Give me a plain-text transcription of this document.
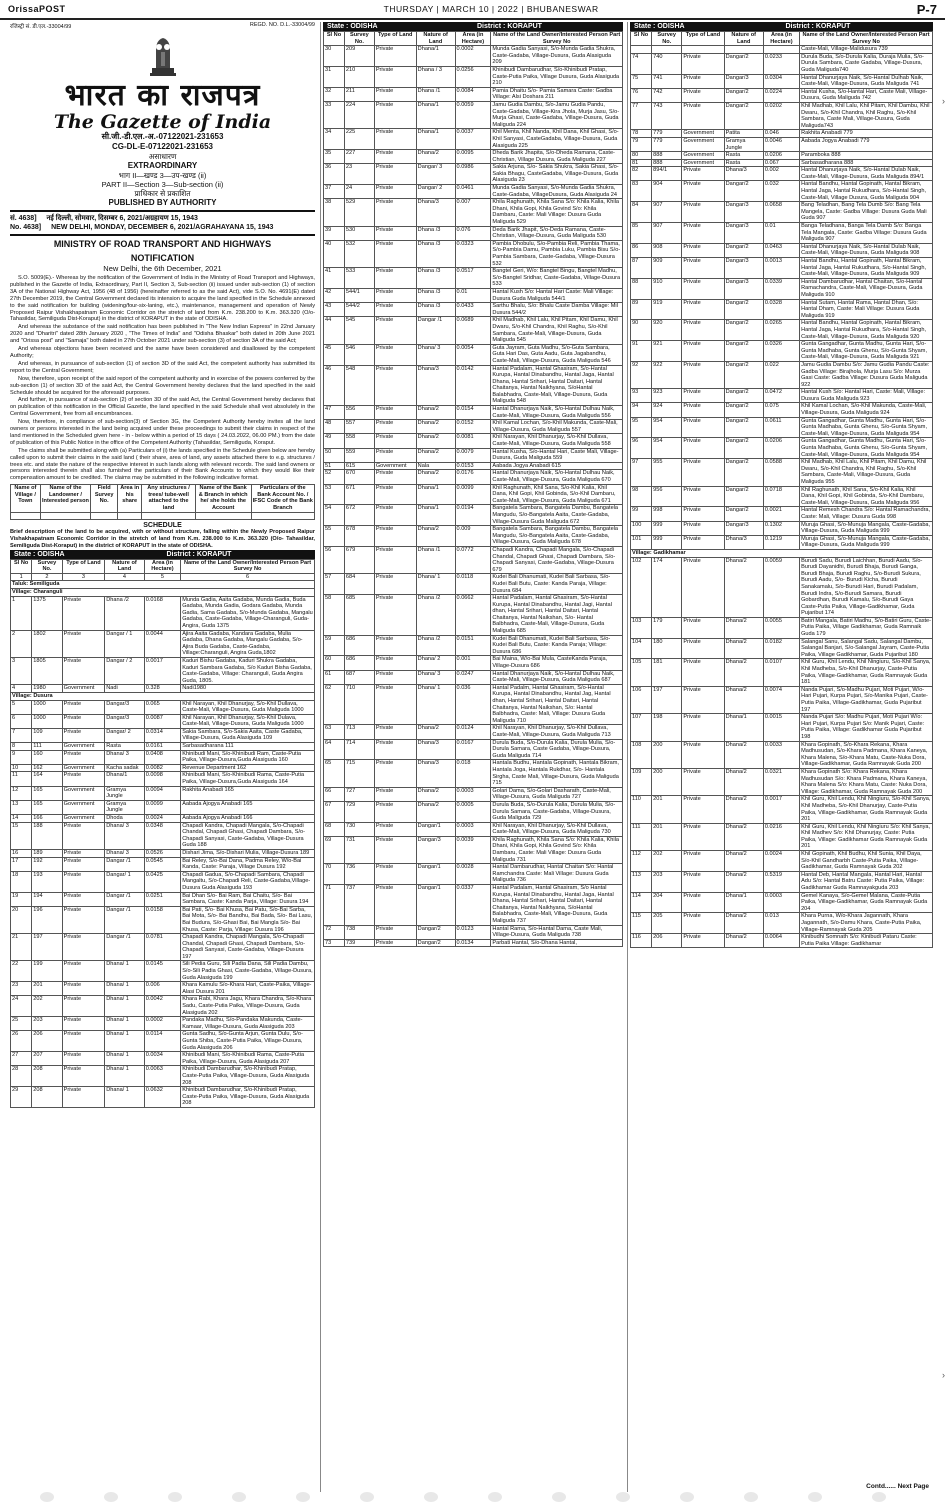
OrissaPOST	THURSDAY | MARCH 10 | 2022 | BHUBANESWAR	P-7
रजिस्ट्री सं. डी.एल.-33004/99	REGD. NO. D.L.-33004/99
भारत का राजपत्र
The Gazette of India
सी.जी.-डी.एल.-अ.-07122021-231653
CG-DL-E-07122021-231653
असाधारण
EXTRAORDINARY
भाग II—खण्ड 3—उप-खण्ड (ii)
PART II—Section 3—Sub-section (ii)
प्राधिकार से प्रकाशित
PUBLISHED BY AUTHORITY
सं. 4638] नई दिल्ली, सोमवार, दिसम्बर 6, 2021/अग्रहायण 15, 1943
No. 4638] NEW DELHI, MONDAY, DECEMBER 6, 2021/AGRAHAYANA 15, 1943
MINISTRY OF ROAD TRANSPORT AND HIGHWAYS
NOTIFICATION
New Delhi, the 6th December, 2021

S.O. 5009(E).- Whereas by the notification of the Government of India in the Ministry of Road Transport and Highways, published in the Gazette of India, Extraordinary, Part II, Section 3, Sub-section (ii) issued under sub-section (1) of section 3A of the National Highway Act, 1956 (48 of 1956) (hereinafter referred to as the said Act), vide S.O. No. 4691(E) dated 27th December 2019, the Central Government declared its intension to acquire the land specified in the Schedule annexed to the said notification for building (widening/four-six-laning, etc.), maintenance, management and operation of Newly Proposed Raipur Vishakhapatnam Economic Corridor on the stretch of land from K.m. 238.200 to K.m. 363.320 (O/o- Tahasildar, Semiliguda Dist-Koraput) in the district of KORAPUT in the state of ODISHA.

And whereas the substance of the said notification has been published in "The New Indian Express" in 22nd January 2020 and "Dharitri" dated 28th January 2020 , "The Times of India" and "Odisha Bhaskar" both dated in 20th June 2021 and "Orissa post" and "Samaja" both dated in 27th October 2021 under sub-section (3) of section 3A of the said Act;

And whereas objections have been received and the same have been considered and disallowed by the competent Authority;

And whereas, in pursuance of sub-section (1) of section 3D of the said Act, the competent authority has submitted its report to the Central Government;

Now, therefore, upon receipt of the said report of the competent authority and in exercise of the powers conferred by the sub-section (1) of section 3D of the said Act, the Central Government hereby declares that the land specified in the said Schedule should be acquired for the aforesaid purposes.

And further, in pursuance of sub-section (2) of section 3D of the said Act, the Central Government hereby declares that on publication of this notification in the Official Gazette, the land specified in the said Schedule shall vest absolutely in the Central Government, free from all encumbrances.

Now, therefore, in compliance of sub-section(3) of Section 3G, the Competent Authority hereby invites all the land owners or persons interested in the land being acquired under these proceedings to submit their claims in respect of the land mentioned in the Scheduled given here - in - below within a period of 15 days ( 24.03.2022, 06.00 PM.) from the date of publication of this Public Notice in the office of the Competent Authority (Tahasildar, Semiliguda, Koraput.

The claims shall be submitted along with (a) Particulars of (i) the lands specified in the Schedule given below are hereby called upon to submit their claims in the said land ( their share, area of land, any assets attached there to e.g. structures / trees etc. and state the nature of the respective interest in such lands along with relevant records. The said land owners or persons interested therein shall also furnished the particulars of their Bank Accounts to which they would like their compensation amount to be credited. The claims may be submitted in the following indicative format.

Name of Village / Town	Name of the Landowner / Interested person	Field Survey No.	Area in his share	Any structures / trees/ tube-well attached to the land	Name of the Bank & Branch in which he/ she holds the Account	Particulars of the Bank Account No. / IFSC Code of the Bank Branch

SCHEDULE
Brief description of the land to be acquired, with or without structure, falling within the Newly Proposed Raipur Vishakhapatnam Economic Corridor in the stretch of land from K.m. 238.000 to K.m. 363.320 (O/o- Tahasildar, Semiliguda Dist-Koraput) in the district of KORAPUT in the state of ODISHA.
State : ODISHA	District : KORAPUT
Sl No	Survey No.	Type of Land	Nature of Land	Area (in Hectare)	Name of the Land Owner/Interested Person Part Survey No
1	2	3	4	5	6
Taluk: Semiliguda					
Village: Charanguli					
1	1375	Private	Dhana /2	0.0168	Munda Gadia, Aaita Gadaba, Munda Gadia, Buda Gadaba, Munda Gadia, Godara Gadaba, Munda Gadia, Sama Gadaba, S/o-Munda Gadaba, Mangalu Gadaba, Caste-Gadaba, Village-Charanguli, Guda- Angira, Guda 1375
2	1802	Private	Dangar / 1	0.0044	Ajira Aaita Gadaba, Kandara Gadaba, Mulia Gadaba, Dhana Gadaba, Mangalu Gadaba, S/o-Ajira Buda Gadaba, Caste-Gadaba, Village:Charanguli, Angira Guda,1802
3	1805	Private	Dangar / 2	0.0017	Kaduri Bishu Gadaba, Kaduri Shukra Gadaba, Kaduri Sambara Gadaba, S/o Kaduri Bisha Gadaba, Caste-Gadaba, Village: Charanguli, Guda Angira Guda, 1805.
4	1980	Government	Nadi	0.328	Nadi1980
Village: Dusura					
5	1000	Private	Dangar/3	0.065	Khil Narayan, Khil Dhanurjay, S/o-Khil Dullava, Caste-Mali, Village-Dusura, Guda Maliguda 1000
6	1000	Private	Dangar/3	0.0087	Khil Narayan, Khil Dhanurjay, S/o-Khil Dulava, Caste-Mali, Village-Dusura, Guda Maliguda 1000
7	109	Private	Dangar/ 2	0.0314	Sakia Sambara, S/o-Sakia Aaita, Caste Gadaba, Village-Dusura, Guda Alasiguda 109
8	111	Government	Rasta	0.0161	Sarbasadharana 111
9	160	Private	Dhana/ 3	0.0408	Khinibudi Mani, S/o-Khinibudi Ram, Caste-Putia Paika, Village-Dusura,Guda Alasiguda 160
10	162	Government	Kacha sadak	0.0082	Revenue Department 162
11	164	Private	Dhana/1	0.0098	Khinibudi Mani, S/o-Khinibudi Rama, Caste-Putia Paika, Village-Dusura,Guda Alasiguda 164
12	165	Government	Gramya Jungle	0.0094	Rakhita Anabadi 165
13	165	Government	Gramya Jungle	0.0099	Aabada Ajogya Anabadi 165
14	166	Government	Dhoda	0.0024	Aabada Ajogya Anabadi 166
15	188	Private	Dhana/ 3	0.0348	Chapadi Kandra, Chapadi Mangala, S/o-Chapadi Chandal, Chapadi Ghasi, Chapadi Dambara, S/o-Chapadi Sanyasi, Caste-Gadaba, Village-Dusura Guda 188
16	189	Private	Dhana/ 3	0.0526	Dishari Jima, S/o-Dishari Mulia, Village-Dusura 189
17	192	Private	Dangar /1	0.0545	Bai Reley, S/o-Bai Dana, Padma Reley, W/o-Bai Kanda, Caste: Paraja, Village Dusura 192
18	193	Private	Dangar/ 1	0.0425	Chapadi Gadua, S/o-Chapadi Sambara, Chapadi Mangaltu, S/o-Chapadi Reli, Caste-Gadaba,Village-Dusura Guda Alasiguda 193
19	194	Private	Dangar /1	0.0251	Bai Dhan S/o- Bai Ram, Bai Chaitu, S/o- Bai Sambara, Caste: Kanda Parja, Village: Dusura 194
20	196	Private	Dangar /1	0.0158	Bai Pati, S/o- Bai Khusa, Bai Patu, S/o-Bai Sarba, Bai Mota, S/o- Bai Bandhu, Bai Bada, S/o- Bai Lasu, Bai Budura, S/o-Ghasi Bai, Bai Mangla S/o- Bai Khusa, Caste: Parja, Village: Dusura 196
21	197	Private	Dangar /1	0.0781	Chapadi Kandra, Chapadi Mangala, S/o-Chapadi Chandal, Chapadi Ghasi, Chapadi Dambara, S/o-Chapadi Sanyasi, Caste-Gadaba, Village-Dusura 197
22	199	Private	Dhana/ 1	0.0145	Sili Pedia Guru, Sili Padia Dana, Sili Padia Dambu, S/o-Sili Padia Ghasi, Caste-Gadaba, Village-Dusura, Guda Alasiguda 199
23	201	Private	Dhana/ 1	0.006	Khara Kamulu S/o-Khara Hari, Caste-Paika, Village-Alasi Dusura 201
24	202	Private	Dhana/ 1	0.0042	Khara Rabi, Khara Jagu, Khara Chandra, S/o-Khara Sadu, Caste-Putia Paika, Village-Dusura, Guda Alasiguda 202
25	203	Private	Dhana/ 1	0.0002	Pandaka Madhu, S/o-Pandaka Makunda, Caste-Kamaar, Village-Dusura, Guda Alasiguda 203
26	206	Private	Dhana/ 1	0.0114	Gunta Sadhu, S/o-Gunta Arjun, Gunta Dulu, S/o-Gunta Shiba, Caste-Putia Paika, Village-Dusura, Guda Alasiguda 206
27	207	Private	Dhana/ 1	0.0034	Khinibudi Mani, S/o-Khinibudi Rama, Caste-Putia Paika, Village-Dusura, Guda Alasiguda 207
28	208	Private	Dhana/ 1	0.0063	Khinibudi Dambarudhar, S/o-Khinibudi Pratap, Caste-Putia Paika, Village-Dusura, Guda Alasiguda 208
29	208	Private	Dhana/ 1	0.0632	Khinibudi Dambarudhar, S/o-Khinibudi Pratap, Caste-Putia Paika, Village-Dusura, Guda Alasiguda 208
State : ODISHA	District : KORAPUT
Sl No	Survey No.	Type of Land	Nature of Land	Area (in Hectare)	Name of the Land Owner/Interested Person Part Survey No
30	209	Private	Dhana/1	0.0002	Munda Gadia Sanyasi, S/o-Munda Gadia Shukra, Caste-Gadaba, Village-Dusura, Guda Alasiguda 209
31	210	Private	Dhana / 3	0.0256	Khinibudi Dambarudhar, S/o-Khinibudi Pratap, Caste-Putia Paika, Village Dusura, Guda Alasiguda 210
32	211	Private	Dhana /1	0.0084	Pamia Dhaitu S/o- Pamia Samara Caste: Gadba Village: Alsi Doshara 211
33	224	Private	Dhana/1	0.0059	Jamu Gudia Dambu, S/o-Jamu Gudia Pandu, Caste-Gadaba, Village-Kira Jhola, Murja Jasu, S/o-Murja Ghasi, Caste-Gadaba, Village-Dusura, Guda Maliguda 224
34	225	Private	Dhana/1	0.0037	Khil Menta, Khil Nanda, Khil Dana, Khil Ghasi, S/o-Khil Sanyasi, CasteGadaba, Village-Dusura, Guda Alasiguda 225
35	227	Private	Dhana/2	0.0095	Dheda Barik Jhapita, S/o-Dheda Ramana, Caste-Christian, Village Dusura, Guda Maliguda 227
36	23	Private	Dangar/ 3	0.0986	Sakia Arjuna, S/o- Sakia Shukra, Sakia Ghasi, S/o- Sakia Bhagu, CasteGadaba, Village-Dusura, Guda Alasiguda 23
37	24	Private	Dangar/ 2	0.0461	Munda Gadia Sanyasi, S/o-Munda Gadia Shukra, Caste-Gadaba, VillageDusura, Guda Alasiguda 24
38	529	Private	Dhana/3	0.007	Khila Raghunath, Khila Sana S/o: Khila Kalia, Khila Dhani, Khila Gopi, Khila Govind S/o: Khila Dambaru, Caste: Mali Village: Dusura Guda Maliguda 529
39	530	Private	Dhana /3	0.076	Deda Barik Jhapit, S/o-Deda Ramana, Caste-Christian, Village-Dusura, Guda Maliguda 530
40	532	Private	Dhana /3	0.0323	Pambia Dhobulu, S/o-Pambia Reli, Pambia Thama, S/o-Pambia Damu, Pambia Luku, Pambia Bisu S/o-Pambia Sambara, Caste-Gadaba, Village-Dusura 532
41	533	Private	Dhana /3	0.0517	Bangtel Geri, W/o: Bangtel Bingu, Bangtel Madhu, S/o-Bangtel Sridhar, Caste-Gadaba, Village-Dusura 533
42	544/1	Private	Dhana /3	0.01	Hantal Kush S/o: Hantal Hari Caste: Mali Village: Dusura Guda Maliguda 544/1
43	544/2	Private	Dhana /3	0.0433	Sarthu Bhalu, S/o: Bhalu Caste Damba Village: Mil Dusura 544/2
44	545	Private	Dangar /1	0.0689	Khil Madhab, Khil Lalu, Khil Pitam, Khil Damu, Khil Dwaru, S/o-Khil Chandra, Khil Raghu, S/o-Khil Sambara, Caste-Mali, Village-Dusura, Guda Maliguda 545
45	546	Private	Dhana/ 3	0.0054	Guta Jayram, Guta Madhu, S/o-Guta Sambara, Guta Hari Das, Guta Aadu, Guta Jagabandhu, Caste-Mali, Village-Dusura, Guda Maliguda 546
46	548	Private	Dhana/3	0.0142	Hantal Padalam, Hantal Ghasiram, S/o-Hantal Kurupa, Hantal Dinabandhu, Hantal Jaga, Hantal Dhana, Hantal Srihari, Hantal Daitari, Hantal Chaitanya, Hantal Naikhyana, S/oHantal Balabhadra, Caste-Mali, Village-Dusura, Guda Maliguda 548
47	556	Private	Dhana/2	0.0154	Hantal Dhanurjaya Naik, S/o-Hantal Dulhau Naik, Caste-Mali, Village-Dusura, Guda Maliguda 556
48	557	Private	Dhana/2	0.0152	Khil Kamal Lochan, S/o-Khil Makunda, Caste-Mali, Village-Dusura, Guda Maliguda 557
49	558	Private	Dhana/2	0.0081	Khil Narayan, Khil Dhanurjay, S/o-Khil Dullava, Caste-Mali, Village-Dusura, Guda Maliguda 558
50	559	Private	Dhana/2	0.0079	Hantal Kusha, S/o-Hantal Hari, Caste Mali, Village-Dusura, Guda Maliguda 559
51	615	Government	Nala	0.0153	Aabada Jogya Anabadi 615
52	670	Private	Dhana/2	0.0176	Hantal Dhanurjaya Naik, S/o-Hantal Dulhau Naik, Caste-Mali, Village-Dusura, Guda Maliguda 670
53	671	Private	Dhana/1	0.0099	Khil Raghunath, Khil Sana, S/o-Khil Kalia, Khil Dana, Khil Gopi, Khil Gobinda, S/o-Khil Dambaru, Caste-Mali, Village-Dusura, Guda Maliguda 671
54	672	Private	Dhana/1	0.0194	Bangatela Sambara, Bangatela Dambu, Bangatela Mangudu, S/o-Bangatela Aaita, Caste-Gadaba, Village-Dusura Guda Maliguda 672
55	678	Private	Dhana/2	0.009	Bangatela Sambara, Bangatela Dambu, Bangatela Mangudu, S/o-Bangatela Aaita, Caste-Gadaba, Village-Dusura, Guda Maliguda 678
56	679	Private	Dhana /1	0.0772	Chapadi Kandra, Chapadi Mangala, S/o-Chapadi Chandal, Chapadi Ghasi, Chapadi Dambara, S/o-Chapadi Sanyasi, Caste-Gadaba, Village-Dusura 679
57	684	Private	Dhana/ 1	0.0118	Kudei Bali Dhanumati, Kudei Bali Sarbasa, S/o-Kudei Bali Butu, Caste: Kanda Paraja, Village: Dusura 684
58	685	Private	Dhana /2	0.0662	Hantal Padalam, Hantal Ghasiram, S/o-Hantal Kurupa, Hantal Dinabandhu, Hantal Jagi, Hantal dhan, Hantal Srihari, Hantal Daitari, Hantal Chaitanya, Hantal Naikshan, S/o- Hantal Balbhadra, Caste-Mali, Village-Dusura, Guda Maliguda 685
59	686	Private	Dhana /2	0.0151	Kudei Bali Dhanumati, Kudei Bali Sarbasa, S/o-Kudei Bali Butu, Caste: Kanda Paraja; Village: Dusura 686
60	686	Private	Dhana/ 2	0.001	Bai Maina, W/o-Bai Mula, CasteKanda Paraja, Village-Dusura 686
61	687	Private	Dhana/ 3	0.0247	Hantal Dhanurjaya Naik, S/o-Hantal Dulhau Naik, Caste-Mali, Village-Dusura, Guda Maliguda 687
62	710	Private	Dhana/ 1	0.036	Hantal Padalm, Hantal Ghasiram, S/o-Hantal Kurupa, Hantal Dinabandhu, Hantal Jag, Hantal dhan, Hantal Srihari, Hantal Daitari, Hantal Chaitanya, Hantal Naikshan, S/o: Hantal Balbhadra, Caste: Mali, Village: Dusura Guda Maliguda 710
63	713	Private	Dhana/2	0.0124	Khil Narayan, Khil Dhanurjay, S/o-Khil Dullava, Caste-Mali, Village-Dusura, Guda Maliguda 713
64	714	Private	Dhana/3	0.0167	Durula Buda, S/o-Durula Kalia, Durula Mulia, S/o-Durula Samara, Caste Gadaba, Village-Dusura, Guda Maliguda 714
65	715	Private	Dhana/3	0.018	Hantala Budhu, Hantala Gopinath, Hantala Bikram, Hantala Joga, Hantala Rukdhar, S/o- Hantala Sirgha, Caste Mali, Village-Dusura, Guda Maliguda 715
66	727	Private	Dhana/2	0.0003	Golari Dama, S/o-Golari Dasharath, Caste-Mali, Village-Dusura, Guda Maliguda 727
67	729	Private	Dhana/2	0.0005	Durula Buda, S/o-Durula Kalia, Durula Mulia, S/o-Durula Samara, Caste-Gadaba, Village-Dusura, Guda Maliguda 729
68	730	Private	Dangar/1	0.0003	Khil Narayan, Khil Dhanurjay, S/o-Khil Dullava, Caste-Mali, Village-Dusura, Guda Maliguda 730
69	731	Private	Dangar/3	0.0039	Khila Raghunath, Khila Sana S/o: Khila Kalia, Khila Dhani, Khila Gopi, Khila Govind S/o: Khila Dambaru, Caste: Mali Village: Dusura Guda Maliguda 731
70	736	Private	Dangar/1	0.0028	Hantal Dambarudhar, Hantal Chaitan S/o: Hantal Ramchandra Caste: Mali Village: Dusura Guda Maliguda 736
71	737	Private	Dangar/1	0.0337	Hantal Padalam, Hantal Ghasiram, S/o Hantal Kurupa, Hantal Dinabandhu, Hantal Jaga, Hantal Dhana, Hantal Srihari, Hantal Daitari, Hantal Chaitanya, Hantal Naikhyana, S/oHantal Balabhadra, Caste-Mali, Village-Dusura, Guda Maliguda 737
72	738	Private	Dangar/2	0.0123	Hantal Rama, S/o-Hantal Dama, Caste Mali, Village-Dusura, Guda Maliguda 738
73	739	Private	Dangar/2	0.0134	Parbati Hantal, S/o-Dhana Hantal,
State : ODISHA	District : KORAPUT
Sl No	Survey No.	Type of Land	Nature of Land	Area (in Hectare)	Name of the Land Owner/Interested Person Part Survey No
					Caste-Mali, Village-Malidusura 739
74	740	Private	Dangar/2	0.0233	Durula Buda, S/o-Durula Kalia, Duraja Mulia, S/o-Durula Sambara, Caste Gadaba, Village-Dusura, Guda Maliguda740
75	741	Private	Dangar/3	0.0304	Hantal Dhanurjaya Naik, S/o-Hantal Dulhab Naik, Caste-Mali, Village-Dusura, Guda Maliguda 741
76	742	Private	Dangar/2	0.0224	Hantal Kusha, S/o-Hantal Hari, Caste Mali, Village-Dusura, Guda Maliguda 742
77	743	Private	Dangar/2	0.0202	Khil Madhab, Khil Lalu, Khil Pitam, Khil Dambu, Khil Dwaru, S/o-Khil Chandra, Khil Raghu, S/o-Khil Sambara, Caste Mali, Village-Dusura, Guda Maliguda743
78	779	Government	Patita	0.046	Rakhita Anabadi 779
79	779	Government	Gramya Jungle	0.0046	Aabada Jogya Anabadi 779
80	888	Government	Rasta	0.0206	Paramboka 888
81	888	Government	Rasta	0.067	Sarbasadharana 888
82	894/1	Private	Dhana/3	0.002	Hantal Dhanurjaya Naik, S/o-Hantal Dulab Naik, Caste-Mali, Village-Dusura, Guda Maliguda 894/1
83	904	Private	Dangar/2	0.032	Hantal Bandhu, Hantal Gopinath, Hantal Bikram, Hantal Jaga, Hantal Rukudhara, S/o-Hantal Singh, Caste-Mali, Village Dusura, Guda Maliguda 904
84	907	Private	Dangar/3	0.0658	Bang Teladhan, Bang Tela Dumb S/o: Bang Tela Mangela, Caste: Gadba Village: Dusura Guda Mali Guda 907
85	907	Private	Dangar/3	0.01	Banga Teladhana, Banga Tela Damb S/o: Banga Tela Mangala, Caste: Gadba Village: Dusura Guda Maliguda 907
86	908	Private	Dangar/2	0.0463	Hantal Dhanurjaya Naik, S/o-Hantal Dulab Naik, Caste-Mali, Village-Dusura, Guda Maliguda 908
87	909	Private	Dangar/3	0.0013	Hantal Bandhu, Hantal Gopinath, Hantal Bikram, Hantal Jaga, Hantal Rukudhara, S/o-Hantal Singh, Caste-Mali, Village-Dusura, Guda Maliguda 909
88	910	Private	Dangar/3	0.0339	Hantal Dambarudhar, Hantal Chaitan, S/o-Hantal Ramachandra, Caste-Mali, Village-Dusura, Guda Maliguda 910
89	919	Private	Dangar/2	0.0328	Hantal Sutam, Hantal Rama, Hantal Dhan, S/o: Hantal Dham, Caste: Mali Village: Dusura Guda Maliguda 919
90	920	Private	Dangar/2	0.0265	Hantal Bandhu, Hantal Gopinath, Hantal Bikram, Hantal Jaga, Hantal Rukudhara, S/o-Hantal Singh, Caste-Mali, Village-Dusura, Guda Maliguda 920
91	921	Private	Dangar/2	0.0326	Gunta Gangadhar, Gunta Madhu, Gunta Hari, S/o-Gunta Madhaba, Gunta Ghenu, S/o-Gunta Shyam, Caste-Mali, Village-Dusura, Guda Maliguda 921
92	922	Private	Dangar/2	0.022	Jamu Gudia Dambu S/o: Jamu Gudia Pandu Caste: Gadba Village: Birajhola, Murja Lasu S/o: Murza Gasi Caste: Gadba Village: Dusura Guda Maliguda 922
93	923	Private	Dangar/2	0.0472	Hantal Kush S/o: Hantal Hari, Caste: Mali, Village: Dusura Guda Maliguda 923
94	924	Private	Dangar/2	0.075	Khil Kamal Lochan, S/o-Khil Makunda, Caste-Mali, Village-Dusura, Guda Maliguda 924
95	954	Private	Dangar/2	0.0611	Gunta Gangadhar, Gunta Madhu, Gunta Hari, S/o-Gunta Madhaba, Gunta Ghenu, S/o-Gunta Shyam, Caste-Mali, Village-Dusura, Guda Maliguda 954
96	954	Private	Dangar/2	0.0206	Gunta Gangadhar, Gunta Madhu, Gunta Hari, S/o-Gunta Madhaba, Gunta Ghenu, S/o-Gunta Shyam, Caste-Mali, Village-Dusura, Guda Maliguda 954
97	955	Private	Dangar/2	0.0588	Khil Madhab, Khil Lalu, Khil Pitam, Khil Damu, Khil Dwaru, S/o-Khil Chandra, Khil Raghu, S/o-Khil Sambara, Caste-Mali, Village-Dusura, Guda Maliguda 955
98	956	Private	Dangar/2	0.0718	Khil Raghunath, Khil Sana, S/o-Khil Kalia, Khil Dana, Khil Gopi, Khil Gobinda, S/o-Khil Dambaru, Caste-Mali, Village-Dusura, Guda Maliguda 956
99	998	Private	Dangar/2	0.0021	Hantal Remesh Chandra S/o: Hantal Ramachandra, Caste: Mali, Village: Dusura Guda 998
100	999	Private	Dangar/3	0.1302	Muruja Ghasi, S/o-Munuja Mangala, Caste-Gadaba, Village-Dusura, Guda Maliguda 999
101	999	Private	Dhana/3	0.1219	Muruja Ghasi, S/o-Munuja Mangala, Caste-Gadaba, Village-Dusura, Guda Maliguda 999
Village: Gadikhamar					
102	174	Private	Dhana/2	0.0059	Burudi Sadu, Burudi Laichhan, Burudi Aadu, S/o-Burudi Dayanidhi, Burudi Bhaja, Burudi Ganga, Burudi Bhaja, Burudi Raghu, S/o-Burudi Sukura, Burudi Aadu, S/o- Burudi Kicha, Burudi Sanakamalu, S/o-Burudi Hari, Burudi Padalam, Burudi Indra, S/o-Burudi Samara, Burudi Gobardhan, Burudi Kamalu, S/o-Burudi Gaya Caste-Putia Paika, Village-Gadikhamar, Guda Pujaribut 174
103	179	Private	Dhana/2	0.0055	Batiri Mangala, Batiri Madhu, S/o-Batiri Guru, Caste-Putia Paika, Village Gadikhamar, Guda Ramnaik Guda 179
104	180	Private	Dhana/2	0.0182	Salangal Sanu, Salangal Sadu, Salangal Dambu, Salangal Banjari, S/o-Salangal Jayram, Caste-Putia Paika, Village Gadikhamar, Guda Pujaribut 180
105	181	Private	Dhana/2	0.0107	Khil Guru, Khil Lendu, Khil Ningiuru, S/o-Khil Sanya, Khil Madheba, S/o-Khil Dhanurjay, Caste-Putia Paika, Village-Gadikhamar, Guda Ramnayak Guda 181
106	197	Private	Dhana/2	0.0074	Nanda Pujari, S/o-Madhu Pujari, Moti Pujari, W/o-Hari Pujari, Kurpa Pujari, S/o-Manika Pujari, Caste-Putia Paika, Village-Gadikhamar, Guda Pujaribut 197
107	198	Private	Dhana/1	0.0015	Nanda Pujari S/o: Madhu Pujari, Moti Pujari W/o: Hari Pujari, Kurpa Pujari S/o: Manik Pujari, Caste: Putia Paika, Village: Gadikhamar Guda Pujaribut 198
108	200	Private	Dhana/2	0.0033	Khara Gopinath, S/o-Khara Rekana, Khara Madhusudan, S/o-Khara Padmana, Khara Kaneya, Khara Malena, S/o-Khara Matu, Caste-Nuka Dora, Village-Gadikhamar, Guda Ramnayak Guda 200
109	200	Private	Dhana/2	0.0321	Khara Gopinath S/o: Khara Rekana, Khara Madhusudan S/o: Khara Padmana, Khara Kaneya, Khara Malena S/o: Khara Matu, Caste: Nuka Dora, Village: Gadikhamar, Guda Ramnayak Guda 200
110	201	Private	Dhana/2	0.0017	Khil Guru, Khil Lendu, Khil Ningiuru, S/o-Khil Sanya, Khil Madheba, S/o-Khil Dhanurjay, Caste-Putia Paika, Village-Gadikhamar, Guda Ramnayak Guda 201
111	201	Private	Dhana/2	0.0216	Khil Guru, Khil Lendu, Khil Ningiuru S/o: Khil Sanya, Khil Madhev S/o: Khil Dhanurjay, Caste: Putia Paika, Village: Gadikhamar Guda Ramnayak Guda 201
112	202	Private	Dhana/2	0.0024	Khil Gopinath, Khil Budhu, Khil Sunia, Khil Daya, S/o-Khil Gandharbh Caste-Putia Paika, Village-Gadikhamar, Guda Ramnayak Guda 202
113	203	Private	Dhana/2	0.5319	Hantal Deb, Hantal Mangala, Hantal Hari, Hantal Adu S/o: Hantal Batru Caste: Putia Paika, Village: Gadikhamar Guda Ramnayakguda 203
114	204	Private	Dhana/1	0.0003	Gemel Kanaya, S/o-Gemel Malana, Caste-Putia Paika, Village-Gadikhamar, Guda Ramnayak Guda 204
115	205	Private	Dhana/2	0.013	Khara Purna, W/o-Khara Jagannath, Khara Jagannath, S/o-Damu Khara, Caste-Putia Paika, Village-Ramnayak Guda 205
116	206	Private	Dhana/2	0.0064	Kinibudhi Somnath S/o: Kinibudi Pataru Caste: Putia Paika Village: Gadikhamar
Contd...... Next Page
›
›
